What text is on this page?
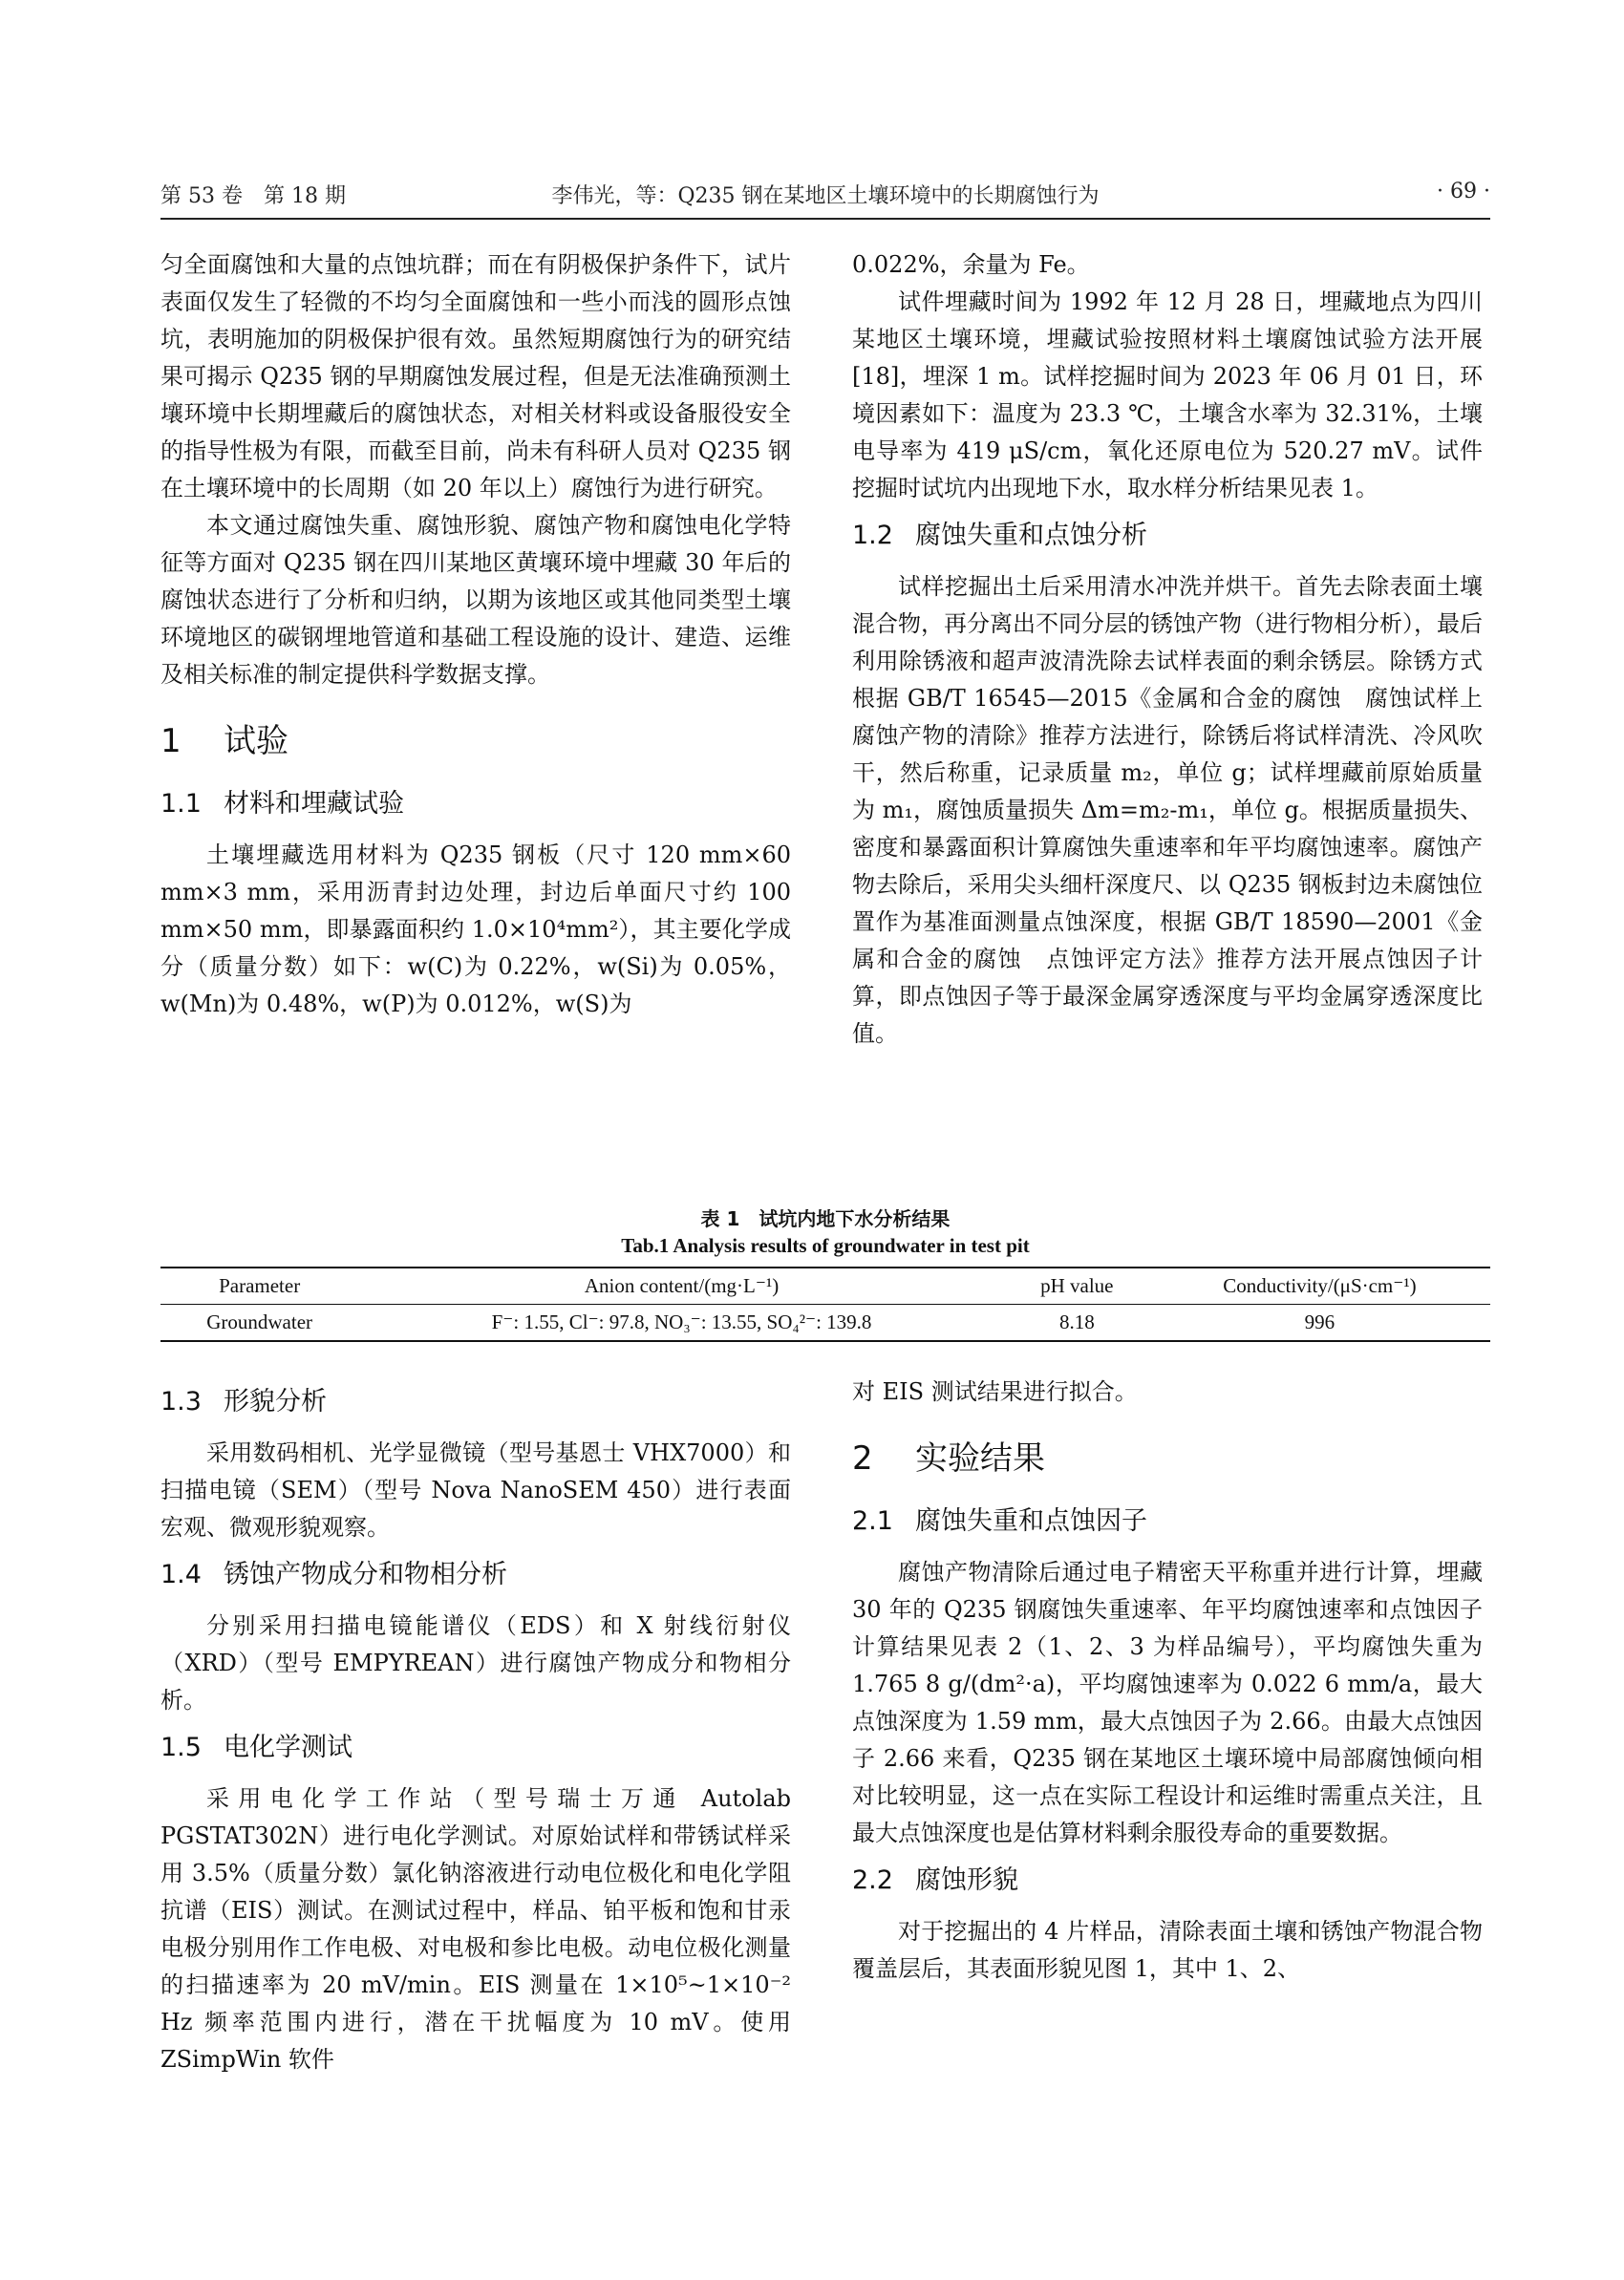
第 53 卷　第 18 期	李伟光，等：Q235 钢在某地区土壤环境中的长期腐蚀行为	· 69 ·

匀全面腐蚀和大量的点蚀坑群；而在有阴极保护条件下，试片表面仅发生了轻微的不均匀全面腐蚀和一些小而浅的圆形点蚀坑，表明施加的阴极保护很有效。虽然短期腐蚀行为的研究结果可揭示 Q235 钢的早期腐蚀发展过程，但是无法准确预测土壤环境中长期埋藏后的腐蚀状态，对相关材料或设备服役安全的指导性极为有限，而截至目前，尚未有科研人员对 Q235 钢在土壤环境中的长周期（如 20 年以上）腐蚀行为进行研究。

本文通过腐蚀失重、腐蚀形貌、腐蚀产物和腐蚀电化学特征等方面对 Q235 钢在四川某地区黄壤环境中埋藏 30 年后的腐蚀状态进行了分析和归纳，以期为该地区或其他同类型土壤环境地区的碳钢埋地管道和基础工程设施的设计、建造、运维及相关标准的制定提供科学数据支撑。

1 试验
1.1 材料和埋藏试验

土壤埋藏选用材料为 Q235 钢板（尺寸 120 mm×60 mm×3 mm，采用沥青封边处理，封边后单面尺寸约 100 mm×50 mm，即暴露面积约 1.0×10⁴mm²），其主要化学成分（质量分数）如下：w(C)为 0.22%，w(Si)为 0.05%，w(Mn)为 0.48%，w(P)为 0.012%，w(S)为

0.022%，余量为 Fe。

试件埋藏时间为 1992 年 12 月 28 日，埋藏地点为四川某地区土壤环境，埋藏试验按照材料土壤腐蚀试验方法开展[18]，埋深 1 m。试样挖掘时间为 2023 年 06 月 01 日，环境因素如下：温度为 23.3 ℃，土壤含水率为 32.31%，土壤电导率为 419 μS/cm，氧化还原电位为 520.27 mV。试件挖掘时试坑内出现地下水，取水样分析结果见表 1。

1.2 腐蚀失重和点蚀分析

试样挖掘出土后采用清水冲洗并烘干。首先去除表面土壤混合物，再分离出不同分层的锈蚀产物（进行物相分析），最后利用除锈液和超声波清洗除去试样表面的剩余锈层。除锈方式根据 GB/T 16545—2015《金属和合金的腐蚀　腐蚀试样上腐蚀产物的清除》推荐方法进行，除锈后将试样清洗、冷风吹干，然后称重，记录质量 m₂，单位 g；试样埋藏前原始质量为 m₁，腐蚀质量损失 Δm=m₂-m₁，单位 g。根据质量损失、密度和暴露面积计算腐蚀失重速率和年平均腐蚀速率。腐蚀产物去除后，采用尖头细杆深度尺、以 Q235 钢板封边未腐蚀位置作为基准面测量点蚀深度，根据 GB/T 18590—2001《金属和合金的腐蚀　点蚀评定方法》推荐方法开展点蚀因子计算，即点蚀因子等于最深金属穿透深度与平均金属穿透深度比值。

表 1　试坑内地下水分析结果
Tab.1 Analysis results of groundwater in test pit
Parameter	Anion content/(mg·L⁻¹)	pH value	Conductivity/(μS·cm⁻¹)
Groundwater	F⁻: 1.55, Cl⁻: 97.8, NO₃⁻: 13.55, SO₄²⁻: 139.8	8.18	996
1.3 形貌分析

采用数码相机、光学显微镜（型号基恩士 VHX7000）和扫描电镜（SEM）（型号 Nova NanoSEM 450）进行表面宏观、微观形貌观察。

1.4 锈蚀产物成分和物相分析

分别采用扫描电镜能谱仪（EDS）和 X 射线衍射仪（XRD）（型号 EMPYREAN）进行腐蚀产物成分和物相分析。

1.5 电化学测试

采用电化学工作站（型号瑞士万通 Autolab PGSTAT302N）进行电化学测试。对原始试样和带锈试样采用 3.5%（质量分数）氯化钠溶液进行动电位极化和电化学阻抗谱（EIS）测试。在测试过程中，样品、铂平板和饱和甘汞电极分别用作工作电极、对电极和参比电极。动电位极化测量的扫描速率为 20 mV/min。EIS 测量在 1×10⁵~1×10⁻² Hz 频率范围内进行，潜在干扰幅度为 10 mV。使用 ZSimpWin 软件

对 EIS 测试结果进行拟合。

2 实验结果
2.1 腐蚀失重和点蚀因子

腐蚀产物清除后通过电子精密天平称重并进行计算，埋藏 30 年的 Q235 钢腐蚀失重速率、年平均腐蚀速率和点蚀因子计算结果见表 2（1、2、3 为样品编号），平均腐蚀失重为 1.765 8 g/(dm²·a)，平均腐蚀速率为 0.022 6 mm/a，最大点蚀深度为 1.59 mm，最大点蚀因子为 2.66。由最大点蚀因子 2.66 来看，Q235 钢在某地区土壤环境中局部腐蚀倾向相对比较明显，这一点在实际工程设计和运维时需重点关注，且最大点蚀深度也是估算材料剩余服役寿命的重要数据。

2.2 腐蚀形貌

对于挖掘出的 4 片样品，清除表面土壤和锈蚀产物混合物覆盖层后，其表面形貌见图 1，其中 1、2、
